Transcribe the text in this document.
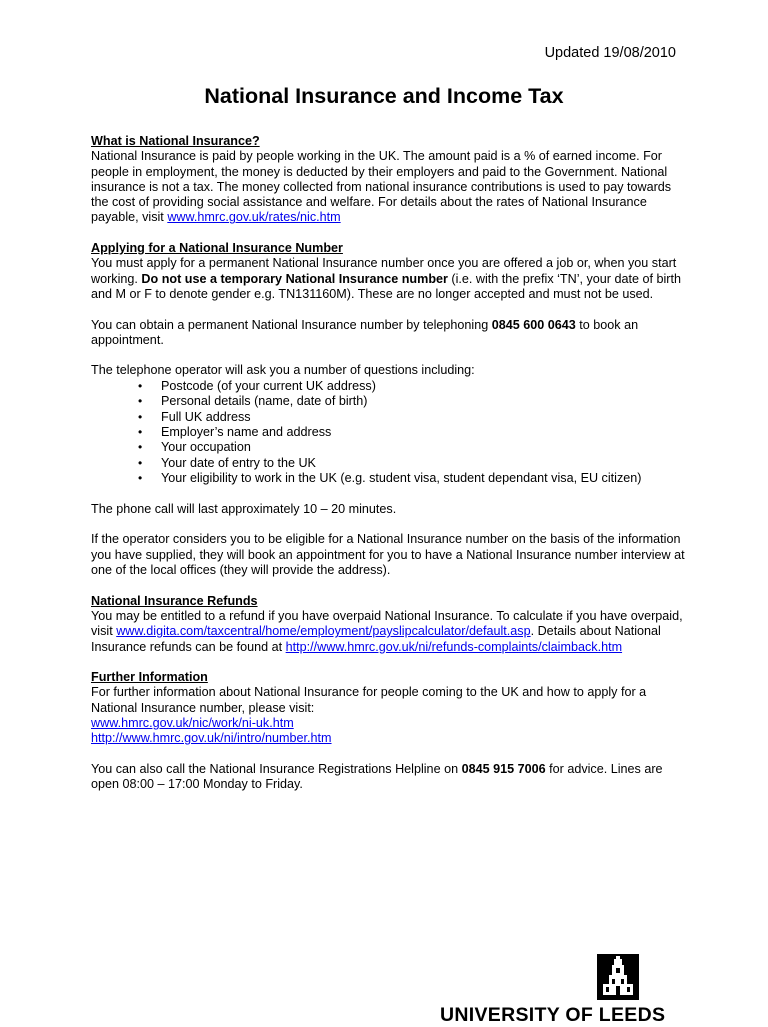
Updated 19/08/2010
National Insurance and Income Tax

What is National Insurance?

National Insurance is paid by people working in the UK. The amount paid is a % of earned income. For people in employment, the money is deducted by their employers and paid to the Government. National insurance is not a tax. The money collected from national insurance contributions is used to pay towards the cost of providing social assistance and welfare. For details about the rates of National Insurance payable, visit www.hmrc.gov.uk/rates/nic.htm

Applying for a National Insurance Number

You must apply for a permanent National Insurance number once you are offered a job or, when you start working. Do not use a temporary National Insurance number (i.e. with the prefix ‘TN’, your date of birth and M or F to denote gender e.g. TN131160M). These are no longer accepted and must not be used.

You can obtain a permanent National Insurance number by telephoning 0845 600 0643 to book an appointment.

The telephone operator will ask you a number of questions including:

• Postcode (of your current UK address)
• Personal details (name, date of birth)
• Full UK address
• Employer’s name and address
• Your occupation
• Your date of entry to the UK
• Your eligibility to work in the UK (e.g. student visa, student dependant visa, EU citizen)

The phone call will last approximately 10 – 20 minutes.

If the operator considers you to be eligible for a National Insurance number on the basis of the information you have supplied, they will book an appointment for you to have a National Insurance number interview at one of the local offices (they will provide the address).

National Insurance Refunds

You may be entitled to a refund if you have overpaid National Insurance. To calculate if you have overpaid, visit www.digita.com/taxcentral/home/employment/payslipcalculator/default.asp. Details about National Insurance refunds can be found at http://www.hmrc.gov.uk/ni/refunds-complaints/claimback.htm

Further Information

For further information about National Insurance for people coming to the UK and how to apply for a National Insurance number, please visit:

www.hmrc.gov.uk/nic/work/ni-uk.htm

http://www.hmrc.gov.uk/ni/intro/number.htm

You can also call the National Insurance Registrations Helpline on 0845 915 7006 for advice. Lines are open 08:00 – 17:00 Monday to Friday.

UNIVERSITY OF LEEDS
